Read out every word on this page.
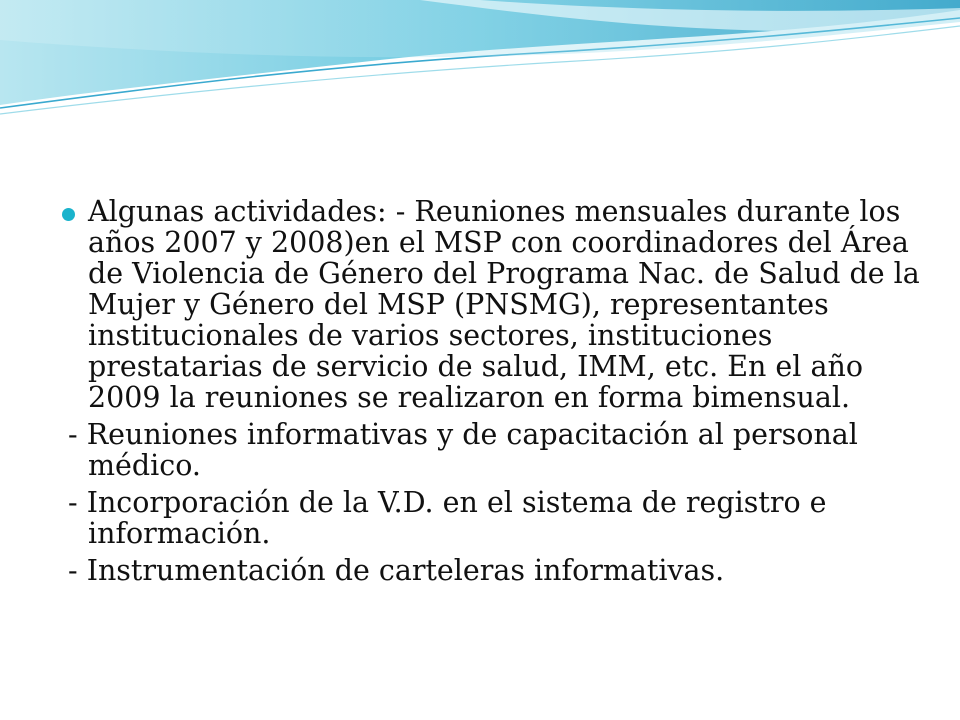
Algunas actividades: - Reuniones mensuales durante los años 2007 y 2008)en el MSP con coordinadores del Área de Violencia de Género del Programa Nac. de Salud de la Mujer y Género del MSP (PNSMG), representantes institucionales de varios sectores, instituciones prestatarias de servicio de salud, IMM, etc. En el año 2009 la reuniones se realizaron en forma bimensual.

- Reuniones informativas y de capacitación al personal médico.

- Incorporación de la V.D. en el sistema de registro e información.

- Instrumentación de carteleras informativas.
